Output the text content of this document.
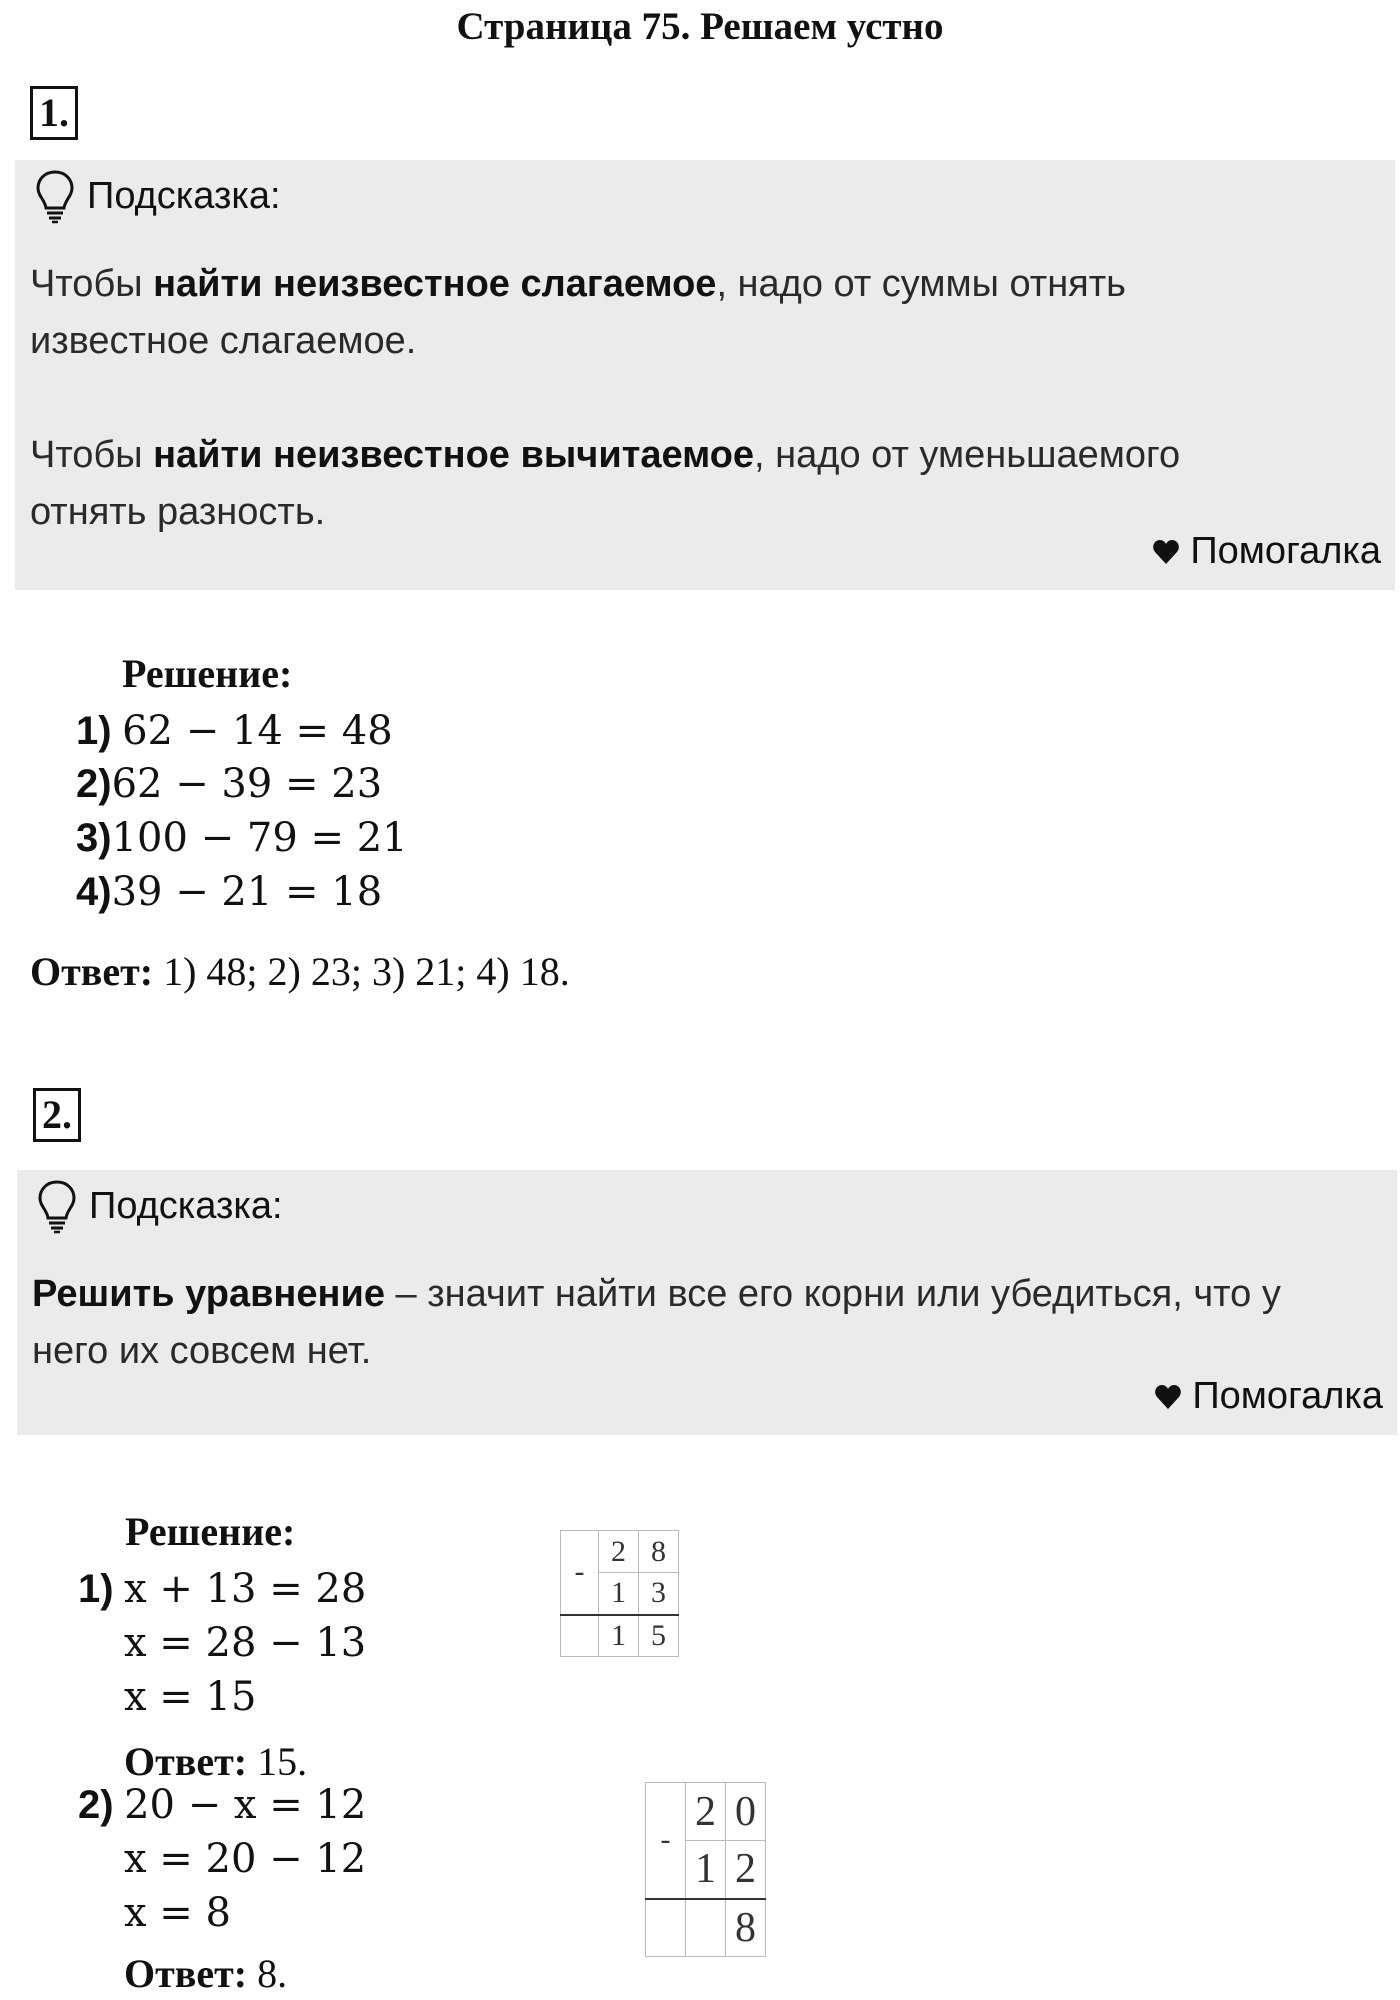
Страница 75. Решаем устно
1.
Подсказка:
Чтобы найти неизвестное слагаемое, надо от суммы отнять
известное слагаемое.
Чтобы найти неизвестное вычитаемое, надо от уменьшаемого
отнять разность.
Помогалка
Решение:
1)
62 − 14 = 48
2) 62 − 39 = 23
3) 100 − 79 = 21
4) 39 − 21 = 18
Ответ: 1) 48; 2) 23; 3) 21; 4) 18.
2.
Подсказка:
Решить уравнение – значит найти все его корни или убедиться, что у
него их совсем нет.
Помогалка
Решение:
1)
x + 13 = 28
x = 28 − 13
x = 15
Ответ: 15.
-	2	8
	1	3
	1	5
2)
20 − x = 12
x = 20 − 12
x = 8
Ответ: 8.
-	2	0
	1	2
		8
